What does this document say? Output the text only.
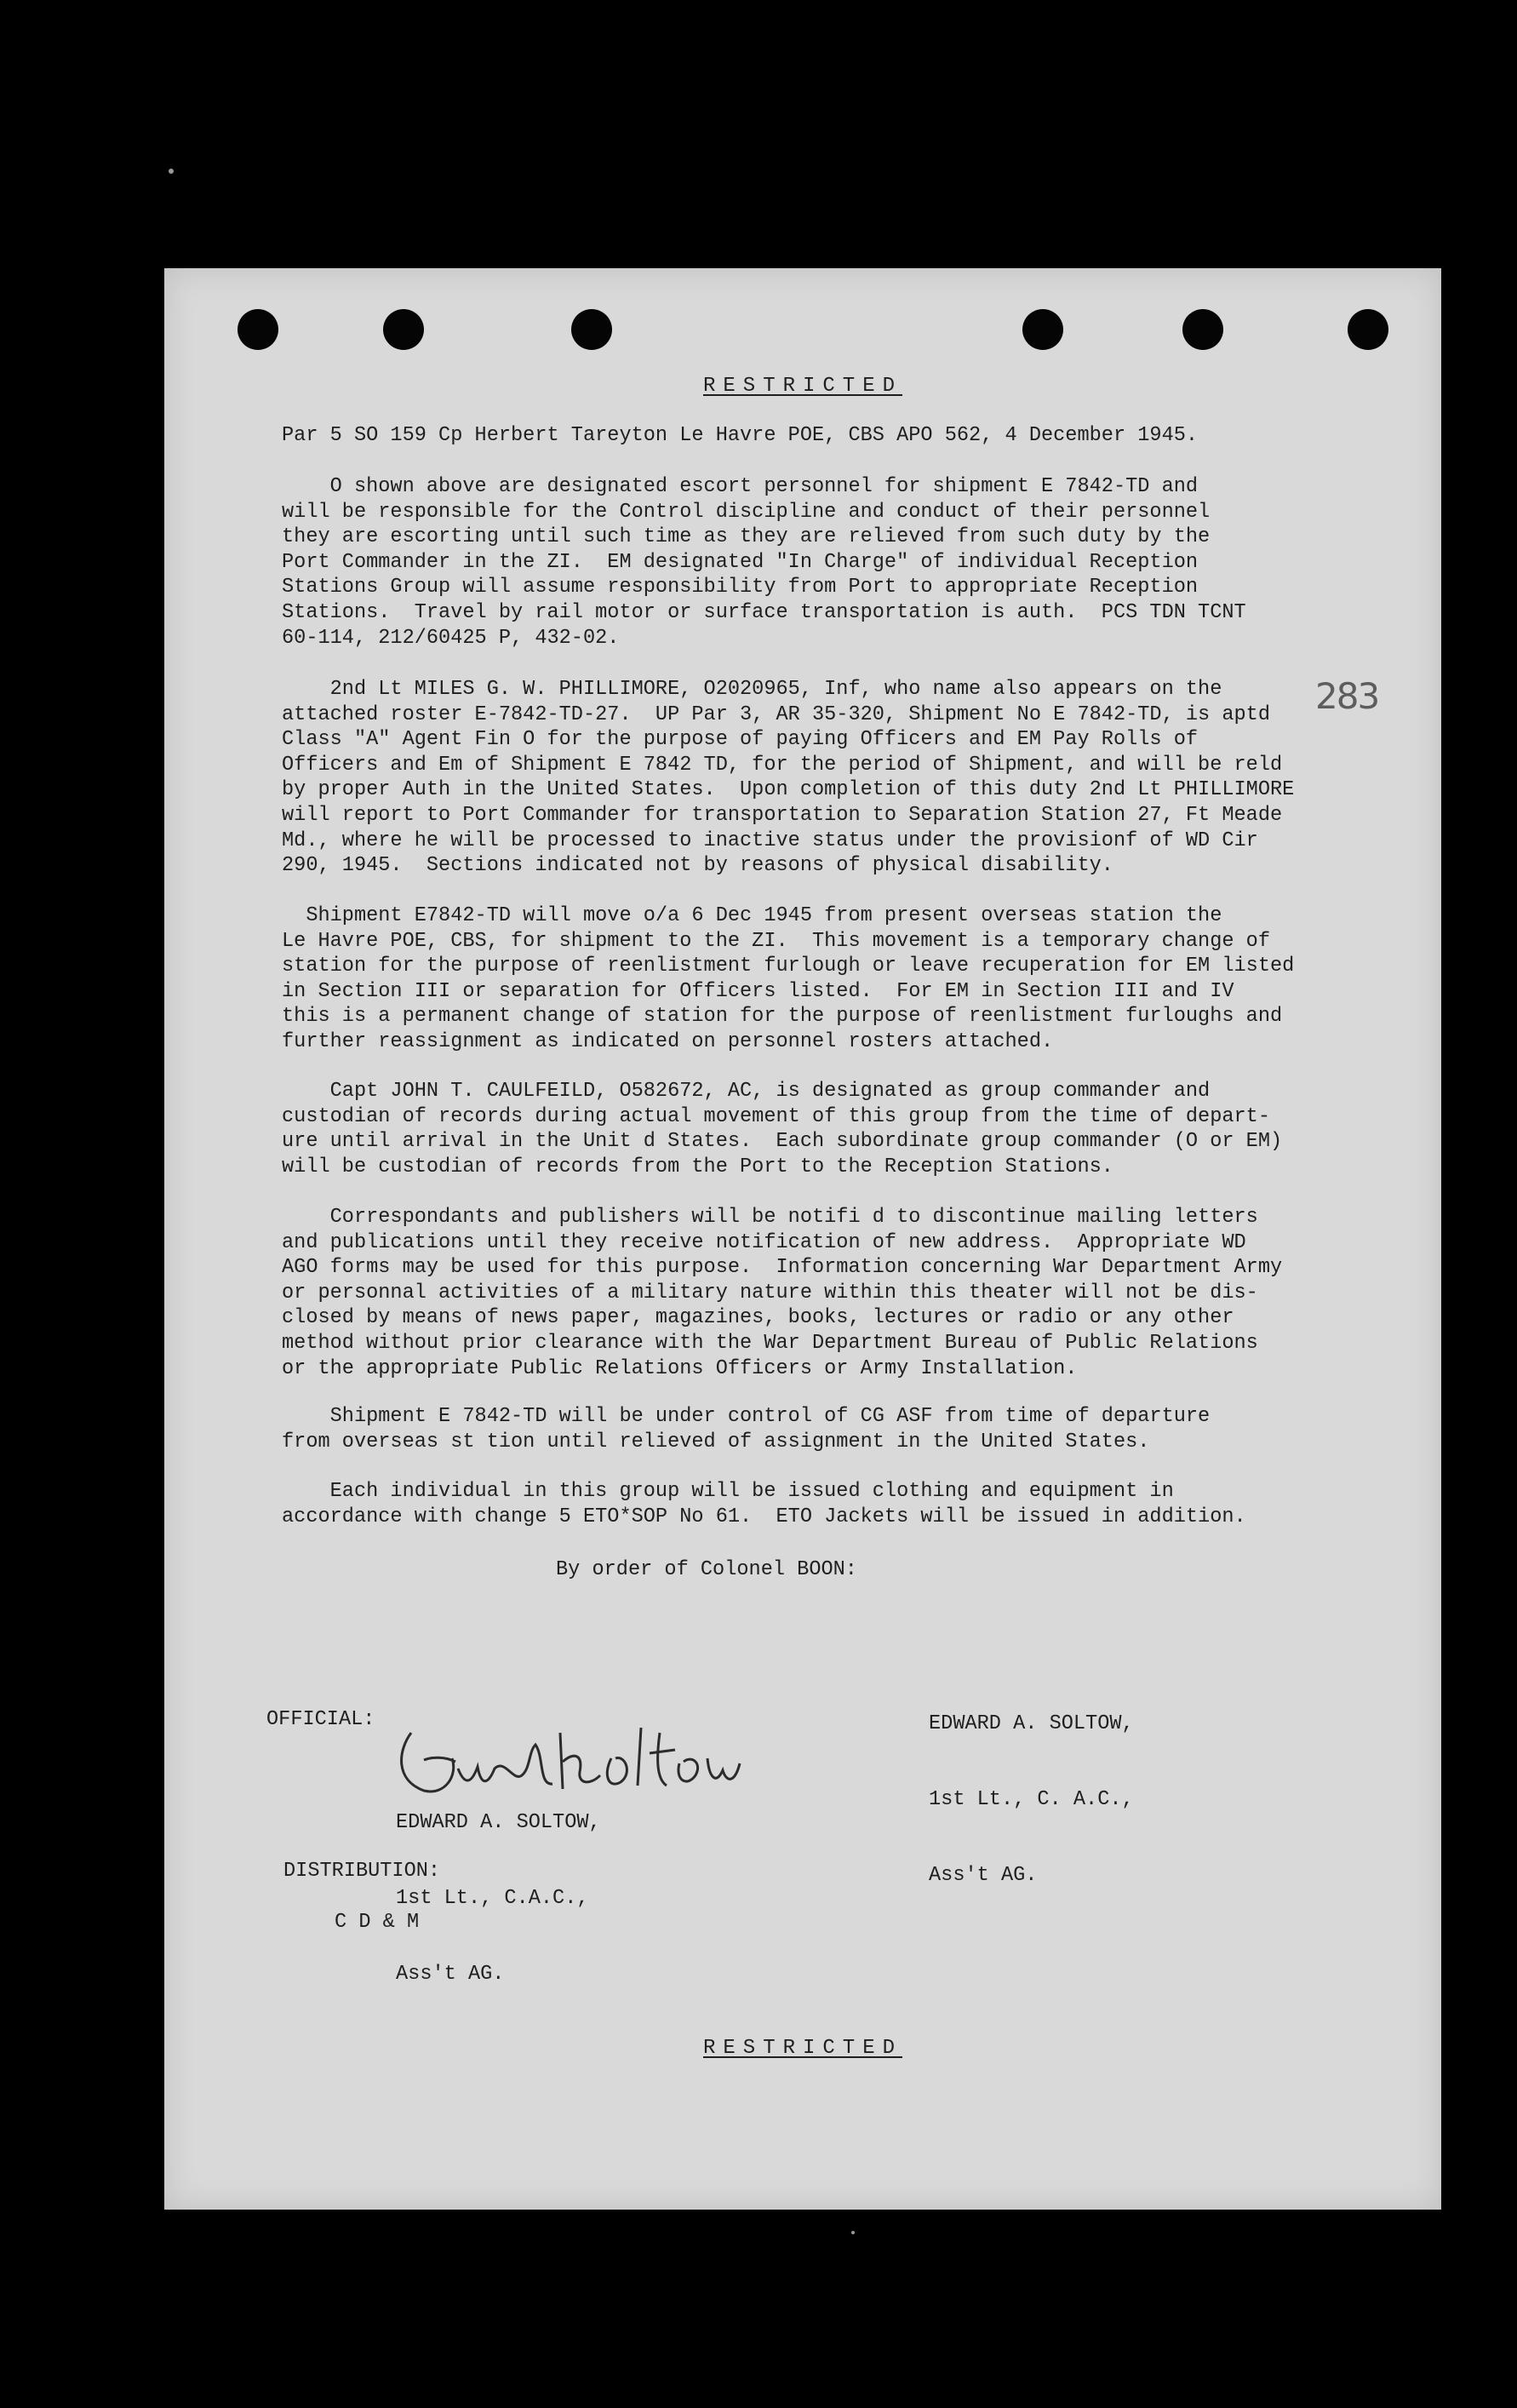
RESTRICTED
Par 5 SO 159 Cp Herbert Tareyton Le Havre POE, CBS APO 562, 4 December 1945.
O shown above are designated escort personnel for shipment E 7842-TD and
will be responsible for the Control discipline and conduct of their personnel
they are escorting until such time as they are relieved from such duty by the
Port Commander in the ZI.  EM designated "In Charge" of individual Reception
Stations Group will assume responsibility from Port to appropriate Reception
Stations.  Travel by rail motor or surface transportation is auth.  PCS TDN TCNT
60-114, 212/60425 P, 432-02.
2nd Lt MILES G. W. PHILLIMORE, O2020965, Inf, who name also appears on the
attached roster E-7842-TD-27.  UP Par 3, AR 35-320, Shipment No E 7842-TD, is aptd
Class "A" Agent Fin O for the purpose of paying Officers and EM Pay Rolls of
Officers and Em of Shipment E 7842 TD, for the period of Shipment, and will be reld
by proper Auth in the United States.  Upon completion of this duty 2nd Lt PHILLIMORE
will report to Port Commander for transportation to Separation Station 27, Ft Meade
Md., where he will be processed to inactive status under the provisionf of WD Cir
290, 1945.  Sections indicated not by reasons of physical disability.
283
Shipment E7842-TD will move o/a 6 Dec 1945 from present overseas station the
Le Havre POE, CBS, for shipment to the ZI.  This movement is a temporary change of
station for the purpose of reenlistment furlough or leave recuperation for EM listed
in Section III or separation for Officers listed.  For EM in Section III and IV
this is a permanent change of station for the purpose of reenlistment furloughs and
further reassignment as indicated on personnel rosters attached.
Capt JOHN T. CAULFEILD, O582672, AC, is designated as group commander and
custodian of records during actual movement of this group from the time of depart-
ure until arrival in the Unit d States.  Each subordinate group commander (O or EM)
will be custodian of records from the Port to the Reception Stations.
Correspondants and publishers will be notifi d to discontinue mailing letters
and publications until they receive notification of new address.  Appropriate WD
AGO forms may be used for this purpose.  Information concerning War Department Army
or personnal activities of a military nature within this theater will not be dis-
closed by means of news paper, magazines, books, lectures or radio or any other
method without prior clearance with the War Department Bureau of Public Relations
or the appropriate Public Relations Officers or Army Installation.
Shipment E 7842-TD will be under control of CG ASF from time of departure
from overseas st tion until relieved of assignment in the United States.
Each individual in this group will be issued clothing and equipment in
accordance with change 5 ETO*SOP No 61.  ETO Jackets will be issued in addition.
By order of Colonel BOON:

EDWARD A. SOLTOW,

1st Lt., C. A.C.,

Ass't AG.

OFFICIAL:

EDWARD A. SOLTOW,

1st Lt., C.A.C.,

Ass't AG.

DISTRIBUTION:
C D & M
RESTRICTED
